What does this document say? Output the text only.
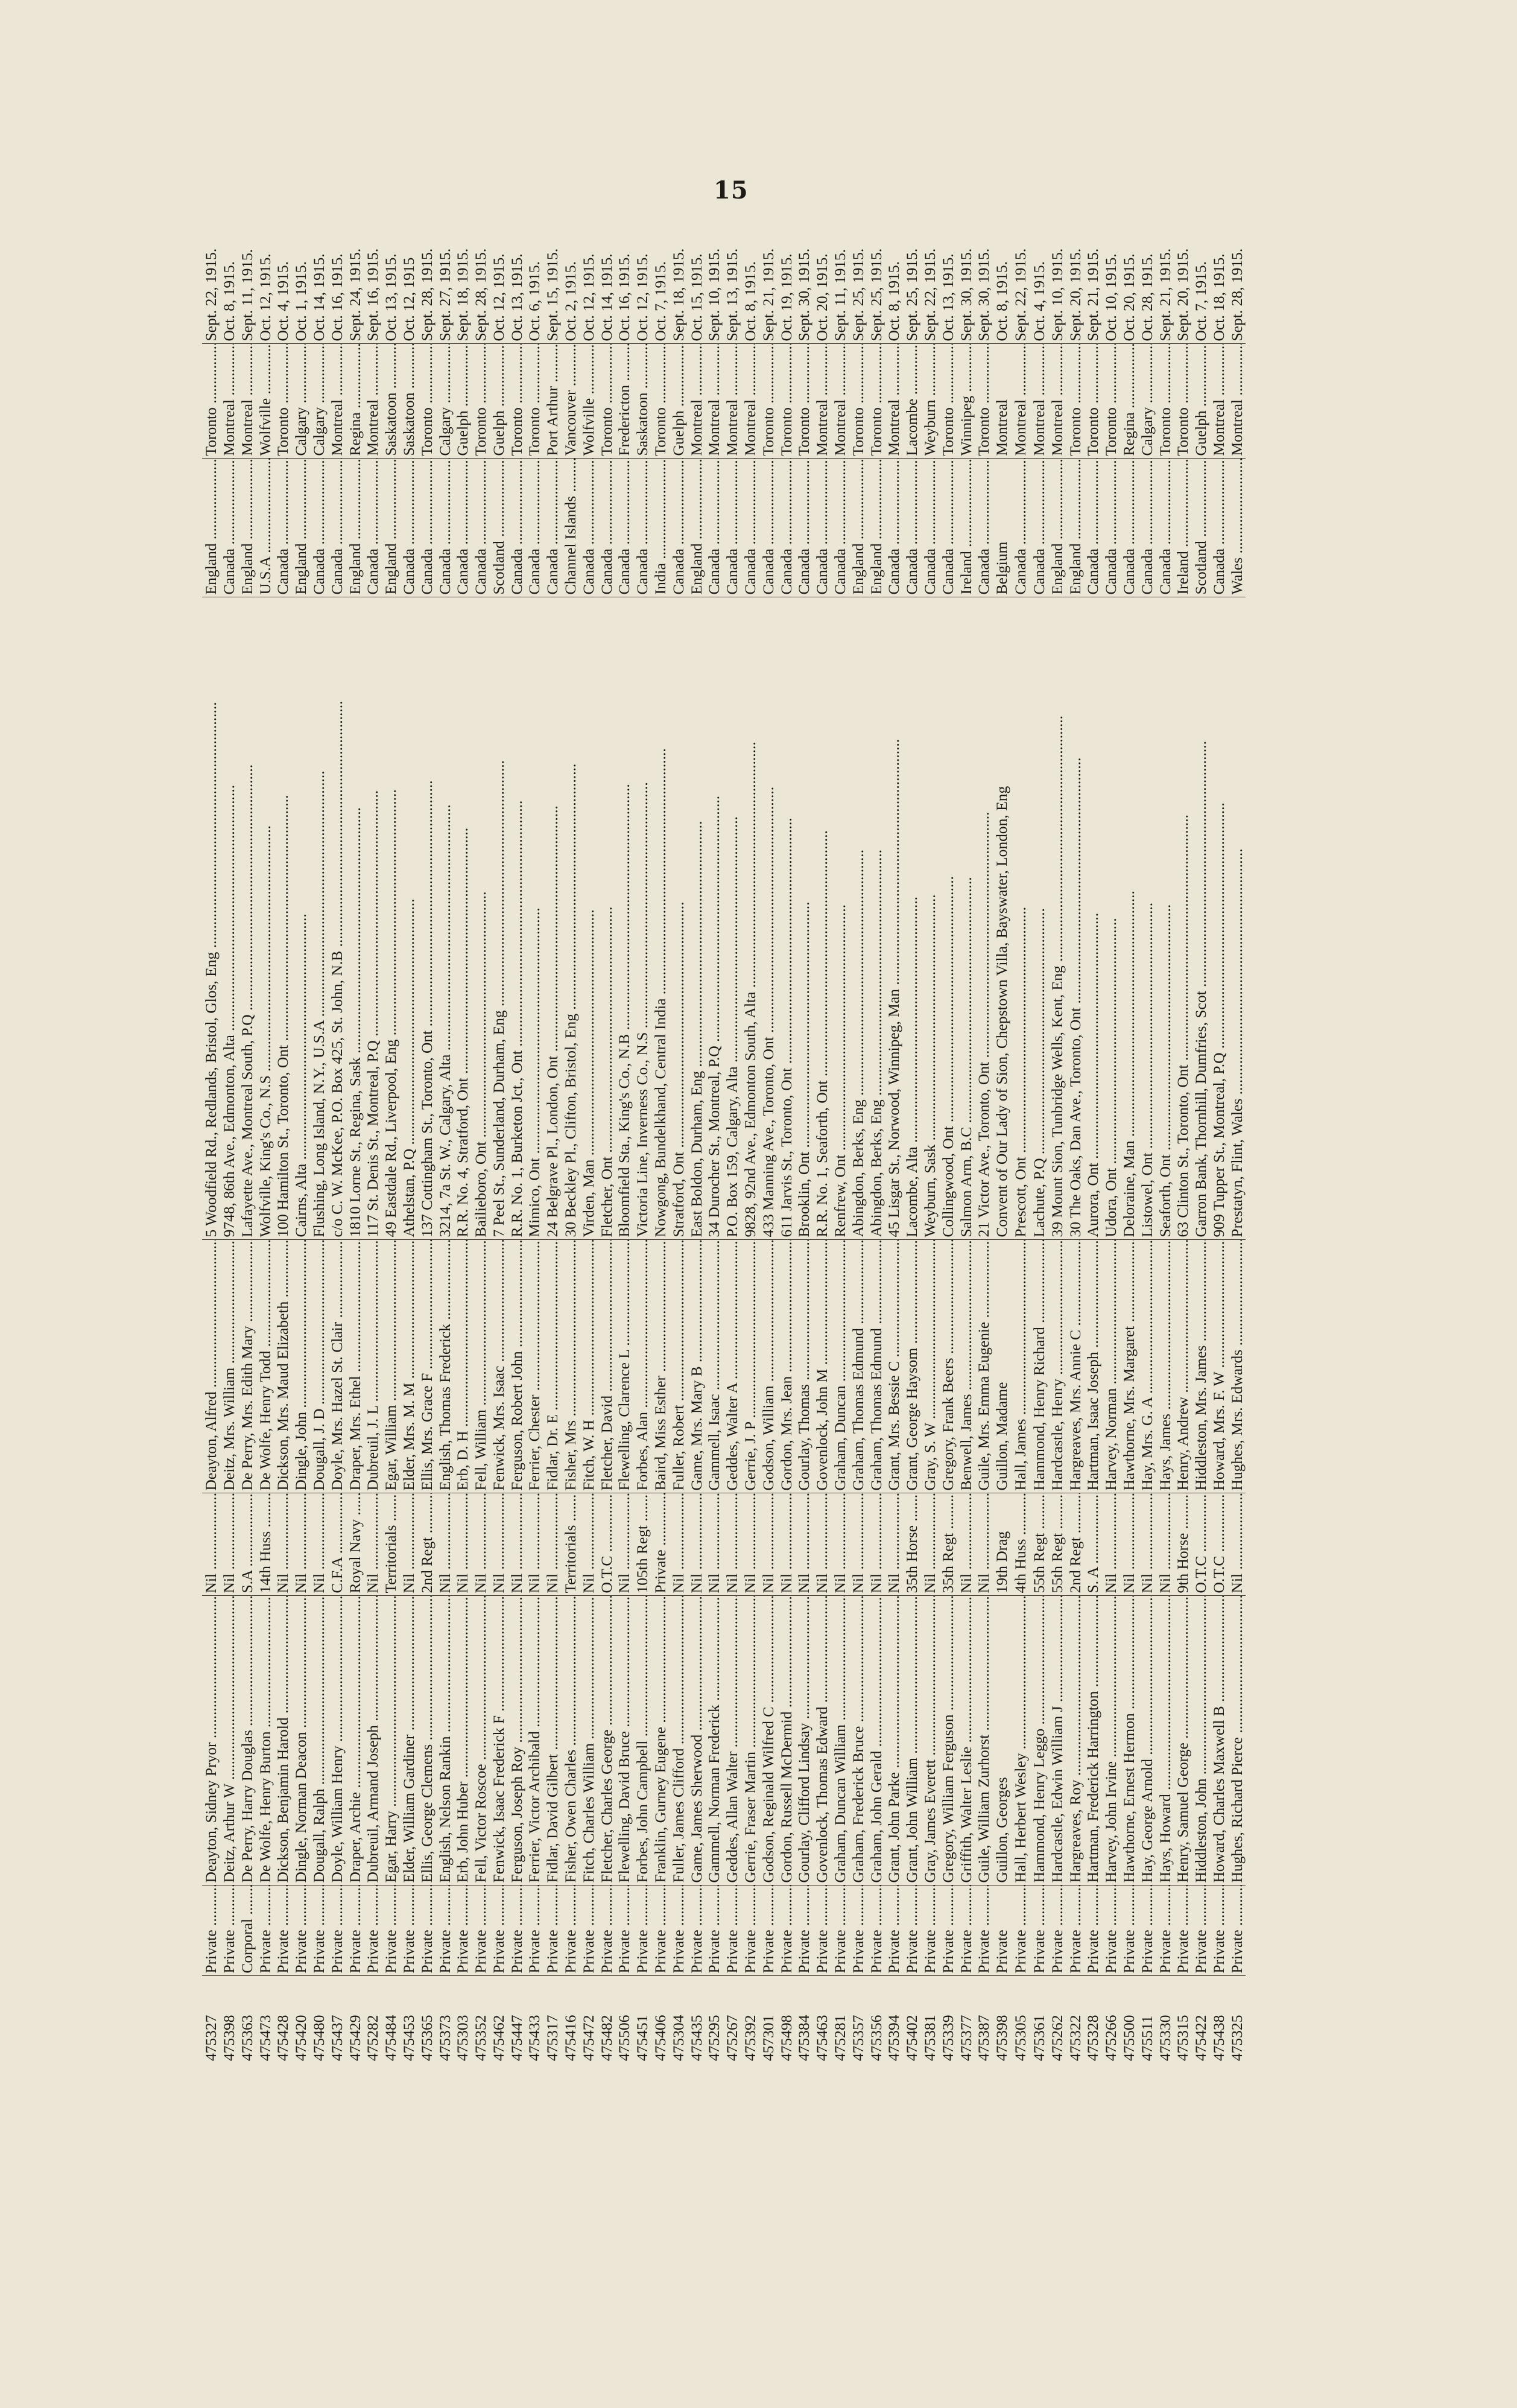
15
475327	Private .....	Deayton, Sidney Pryor .....	Nil .....	Deayton, Alfred .....	5 Woodfield Rd., Redlands, Bristol, Glos, Eng .....	England .....	Toronto .....	Sept. 22, 1915.
475398	Private .....	Deitz, Arthur W .....	Nil .....	Deitz, Mrs. William .....	9748, 86th Ave., Edmonton, Alta .....	Canada .....	Montreal .....	Oct. 8, 1915.
475363	Corporal .....	De Perry, Harry Douglas .....	S.A .....	De Perry, Mrs. Edith Mary .....	Lafayette Ave., Montreal South, P.Q .....	England .....	Montreal .....	Sept. 11, 1915.
475473	Private .....	De Wolfe, Henry Burton .....	14th Huss .....	De Wolfe, Henry Todd .....	Wolfville, King's Co., N.S .....	U.S.A .....	Wolfville .....	Oct. 12, 1915.
475428	Private .....	Dickson, Benjamin Harold .....	Nil .....	Dickson, Mrs. Maud Elizabeth .....	100 Hamilton St., Toronto, Ont .....	Canada .....	Toronto .....	Oct. 4, 1915.
475420	Private .....	Dingle, Norman Deacon .....	Nil .....	Dingle, John .....	Cairns, Alta .....	England .....	Calgary .....	Oct. 1, 1915.
475480	Private .....	Dougall, Ralph .....	Nil .....	Dougall, J. D .....	Flushing, Long Island, N.Y., U.S.A .....	Canada .....	Calgary .....	Oct. 14, 1915.
475437	Private .....	Doyle, William Henry .....	C.F.A .....	Doyle, Mrs. Hazel St. Clair .....	c/o C. W. McKee, P.O. Box 425, St. John, N.B .....	Canada .....	Montreal .....	Oct. 16, 1915.
475429	Private .....	Draper, Archie .....	Royal Navy .....	Draper, Mrs. Ethel .....	1810 Lorne St., Regina, Sask .....	England .....	Regina .....	Sept. 24, 1915.
475282	Private .....	Dubreuil, Armand Joseph .....	Nil .....	Dubreuil, J. L .....	117 St. Denis St., Montreal, P.Q .....	Canada .....	Montreal .....	Sept. 16, 1915.
475484	Private .....	Egar, Harry .....	Territorials .....	Egar, William .....	49 Eastdale Rd., Liverpool, Eng .....	England .....	Saskatoon .....	Oct. 13, 1915.
475453	Private .....	Elder, William Gardiner .....	Nil .....	Elder, Mrs. M. M .....	Athelstan, P.Q .....	Canada .....	Saskatoon .....	Oct. 12, 1915
475365	Private .....	Ellis, George Clemens .....	2nd Regt .....	Ellis, Mrs. Grace F .....	137 Cottingham St., Toronto, Ont .....	Canada .....	Toronto .....	Sept. 28, 1915.
475373	Private .....	English, Nelson Rankin .....	Nil .....	English, Thomas Frederick .....	3214, 7a St. W., Calgary, Alta .....	Canada .....	Calgary .....	Sept. 27, 1915.
475303	Private .....	Erb, John Huber .....	Nil .....	Erb, D. H .....	R.R. No. 4, Stratford, Ont .....	Canada .....	Guelph .....	Sept. 18, 1915.
475352	Private .....	Fell, Victor Roscoe .....	Nil .....	Fell, William .....	Bailieboro, Ont .....	Canada .....	Toronto .....	Sept. 28, 1915.
475462	Private .....	Fenwick, Isaac Frederick F .....	Nil .....	Fenwick, Mrs. Isaac .....	7 Peel St., Sunderland, Durham, Eng .....	Scotland .....	Guelph .....	Oct. 12, 1915.
475447	Private .....	Ferguson, Joseph Roy .....	Nil .....	Ferguson, Robert John .....	R.R. No. 1, Burketon Jct., Ont .....	Canada .....	Toronto .....	Oct. 13, 1915.
475433	Private .....	Ferrier, Victor Archibald .....	Nil .....	Ferrier, Chester .....	Mimico, Ont .....	Canada .....	Toronto .....	Oct. 6, 1915.
475317	Private .....	Fidlar, David Gilbert .....	Nil .....	Fidlar, Dr. E .....	24 Belgrave Pl., London, Ont .....	Canada .....	Port Arthur .....	Sept. 15, 1915.
475416	Private .....	Fisher, Owen Charles .....	Territorials .....	Fisher, Mrs .....	30 Beckley Pl., Clifton, Bristol, Eng .....	Channel Islands .....	Vancouver .....	Oct. 2, 1915.
475472	Private .....	Fitch, Charles William .....	Nil .....	Fitch, W. H .....	Virden, Man .....	Canada .....	Wolfville .....	Oct. 12, 1915.
475482	Private .....	Fletcher, Charles George .....	O.T.C .....	Fletcher, David .....	Fletcher, Ont .....	Canada .....	Toronto .....	Oct. 14, 1915.
475506	Private .....	Flewelling, David Bruce .....	Nil .....	Flewelling, Clarence L .....	Bloomfield Sta., King's Co., N.B .....	Canada .....	Fredericton .....	Oct. 16, 1915.
475451	Private .....	Forbes, John Campbell .....	105th Regt .....	Forbes, Alan .....	Victoria Line, Inverness Co., N.S .....	Canada .....	Saskatoon .....	Oct. 12, 1915.
475406	Private .....	Franklin, Gurney Eugene .....	Private .....	Baird, Miss Esther .....	Nowgong, Bundelkhand, Central India .....	India .....	Toronto .....	Oct. 7, 1915.
475304	Private .....	Fuller, James Clifford .....	Nil .....	Fuller, Robert .....	Stratford, Ont .....	Canada .....	Guelph .....	Sept. 18, 1915.
475435	Private .....	Game, James Sherwood .....	Nil .....	Game, Mrs. Mary B .....	East Boldon, Durham, Eng .....	England .....	Montreal .....	Oct. 15, 1915.
475295	Private .....	Gammell, Norman Frederick .....	Nil .....	Gammell, Isaac .....	34 Durocher St., Montreal, P.Q .....	Canada .....	Montreal .....	Sept. 10, 1915.
475267	Private .....	Geddes, Allan Walter .....	Nil .....	Geddes, Walter A .....	P.O. Box 159, Calgary, Alta .....	Canada .....	Montreal .....	Sept. 13, 1915.
475392	Private .....	Gerrie, Fraser Martin .....	Nil .....	Gerrie, J. P .....	9828, 92nd Ave., Edmonton South, Alta .....	Canada .....	Montreal .....	Oct. 8, 1915.
457301	Private .....	Godson, Reginald Wilfred C .....	Nil .....	Godson, William .....	433 Manning Ave., Toronto, Ont .....	Canada .....	Toronto .....	Sept. 21, 1915.
475498	Private .....	Gordon, Russell McDermid .....	Nil .....	Gordon, Mrs. Jean .....	611 Jarvis St., Toronto, Ont .....	Canada .....	Toronto .....	Oct. 19, 1915.
475384	Private .....	Gourlay, Clifford Lindsay .....	Nil .....	Gourlay, Thomas .....	Brooklin, Ont .....	Canada .....	Toronto .....	Sept. 30, 1915.
475463	Private .....	Govenlock, Thomas Edward .....	Nil .....	Govenlock, John M .....	R.R. No. 1, Seaforth, Ont .....	Canada .....	Montreal .....	Oct. 20, 1915.
475281	Private .....	Graham, Duncan William .....	Nil .....	Graham, Duncan .....	Renfrew, Ont .....	Canada .....	Montreal .....	Sept. 11, 1915.
475357	Private .....	Graham, Frederick Bruce .....	Nil .....	Graham, Thomas Edmund .....	Abingdon, Berks, Eng .....	England .....	Toronto .....	Sept. 25, 1915.
475356	Private .....	Graham, John Gerald .....	Nil .....	Graham, Thomas Edmund .....	Abingdon, Berks, Eng .....	England .....	Toronto .....	Sept. 25, 1915.
475394	Private .....	Grant, John Parke .....	Nil .....	Grant, Mrs. Bessie C .....	45 Lisgar St., Norwood, Winnipeg, Man .....	Canada .....	Montreal .....	Oct. 8, 1915.
475402	Private .....	Grant, John William .....	35th Horse .....	Grant, George Haysom .....	Lacombe, Alta .....	Canada .....	Lacombe .....	Sept. 25, 1915.
475381	Private .....	Gray, James Everett .....	Nil .....	Gray, S. W .....	Weyburn, Sask .....	Canada .....	Weyburn .....	Sept. 22, 1915.
475339	Private .....	Gregory, William Ferguson .....	35th Regt .....	Gregory, Frank Beers .....	Collingwood, Ont .....	Canada .....	Toronto .....	Oct. 13, 1915.
475377	Private .....	Griffith, Walter Leslie .....	Nil .....	Benwell, James .....	Salmon Arm, B.C .....	Ireland .....	Winnipeg .....	Sept. 30, 1915.
475387	Private .....	Guile, William Zurhorst .....	Nil .....	Guile, Mrs. Emma Eugenie .....	21 Victor Ave., Toronto, Ont .....	Canada .....	Toronto .....	Sept. 30, 1915.
475398	Private	Guillon, Georges	19th Drag	Guillon, Madame	Convent of Our Lady of Sion, Chepstown Villa, Bayswater, London, Eng	Belgium	Montreal	Oct. 8, 1915.
475305	Private .....	Hall, Herbert Wesley .....	4th Huss .....	Hall, James .....	Prescott, Ont .....	Canada .....	Montreal .....	Sept. 22, 1915.
475361	Private .....	Hammond, Henry Leggo .....	55th Regt .....	Hammond, Henry Richard .....	Lachute, P.Q .....	Canada .....	Montreal .....	Oct. 4, 1915.
475262	Private .....	Hardcastle, Edwin William J .....	55th Regt .....	Hardcastle, Henry .....	39 Mount Sion, Tunbridge Wells, Kent, Eng .....	England .....	Montreal .....	Sept. 10, 1915.
475322	Private .....	Hargreaves, Roy .....	2nd Regt .....	Hargreaves, Mrs. Annie C .....	30 The Oaks, Dan Ave., Toronto, Ont .....	England .....	Toronto .....	Sept. 20, 1915.
475328	Private .....	Hartman, Frederick Harrington .....	S. A .....	Hartman, Isaac Joseph .....	Aurora, Ont .....	Canada .....	Toronto .....	Sept. 21, 1915.
475266	Private .....	Harvey, John Irvine .....	Nil .....	Harvey, Norman .....	Udora, Ont .....	Canada .....	Toronto .....	Oct. 10, 1915.
475500	Private .....	Hawthorne, Ernest Hermon .....	Nil .....	Hawthorne, Mrs. Margaret .....	Deloraine, Man .....	Canada .....	Regina .....	Oct. 20, 1915.
475511	Private .....	Hay, George Arnold .....	Nil .....	Hay, Mrs. G. A .....	Listowel, Ont .....	Canada .....	Calgary .....	Oct. 28, 1915.
475330	Private .....	Hays, Howard .....	Nil .....	Hays, James .....	Seaforth, Ont .....	Canada .....	Toronto .....	Sept. 21, 1915.
475315	Private .....	Henry, Samuel George .....	9th Horse .....	Henry, Andrew .....	63 Clinton St., Toronto, Ont .....	Ireland .....	Toronto .....	Sept. 20, 1915.
475422	Private .....	Hiddleston, John .....	O.T.C .....	Hiddleston, Mrs. James .....	Garron Bank, Thornhill, Dumfries, Scot .....	Scotland .....	Guelph .....	Oct. 7, 1915.
475438	Private .....	Howard, Charles Maxwell B .....	O.T.C .....	Howard, Mrs. F. W .....	909 Tupper St., Montreal, P.Q .....	Canada .....	Montreal .....	Oct. 18, 1915.
475325	Private .....	Hughes, Richard Pierce .....	Nil .....	Hughes, Mrs. Edwards .....	Prestatyn, Flint, Wales .....	Wales .....	Montreal .....	Sept. 28, 1915.
